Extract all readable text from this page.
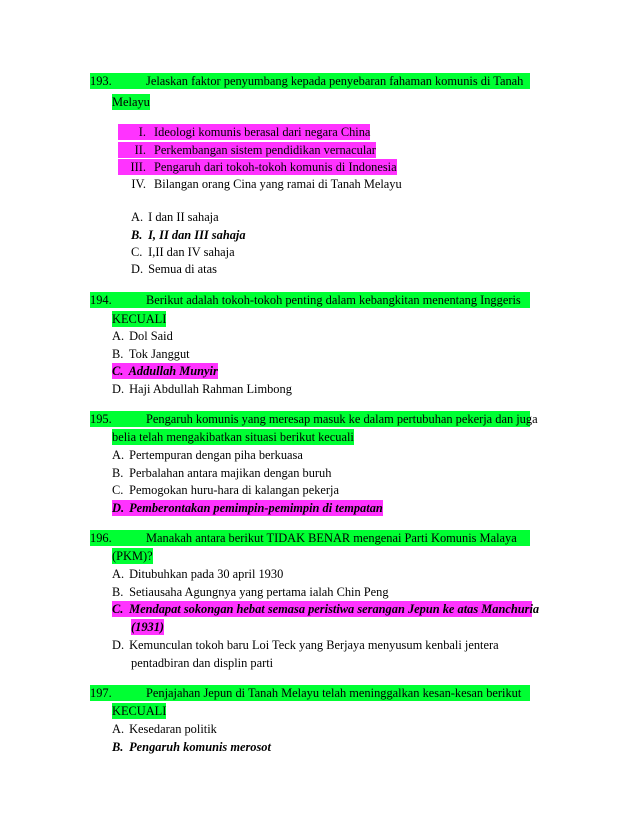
193.	Jelaskan faktor penyumbang kepada penyebaran fahaman komunis di Tanah
Melayu
I. Ideologi komunis berasal dari negara China
II. Perkembangan sistem pendidikan vernacular
III. Pengaruh dari tokoh-tokoh komunis di Indonesia
IV. Bilangan orang Cina yang ramai di Tanah Melayu
A. I dan II sahaja
B. I, II dan III sahaja
C. I,II dan IV sahaja
D. Semua di atas
194.	Berikut adalah tokoh-tokoh penting dalam kebangkitan menentang Inggeris
KECUALI
A. Dol Said
B. Tok Janggut
C. Addullah Munyir
D. Haji Abdullah Rahman Limbong
195.	Pengaruh komunis yang meresap masuk ke dalam pertubuhan pekerja dan juga
belia telah mengakibatkan situasi berikut kecuali
A. Pertempuran dengan piha berkuasa
B. Perbalahan antara majikan dengan buruh
C. Pemogokan huru-hara di kalangan pekerja
D. Pemberontakan pemimpin-pemimpin di tempatan
196.	Manakah antara berikut TIDAK BENAR mengenai Parti Komunis Malaya
(PKM)?
A. Ditubuhkan pada 30 april 1930
B. Setiausaha Agungnya yang pertama ialah Chin Peng
C. Mendapat sokongan hebat semasa peristiwa serangan Jepun ke atas Manchuria
(1931)
D. Kemunculan tokoh baru Loi Teck yang Berjaya menyusum kenbali jentera
pentadbiran dan displin parti
197.	Penjajahan Jepun di Tanah Melayu telah meninggalkan kesan-kesan berikut
KECUALI
A. Kesedaran politik
B. Pengaruh komunis merosot
